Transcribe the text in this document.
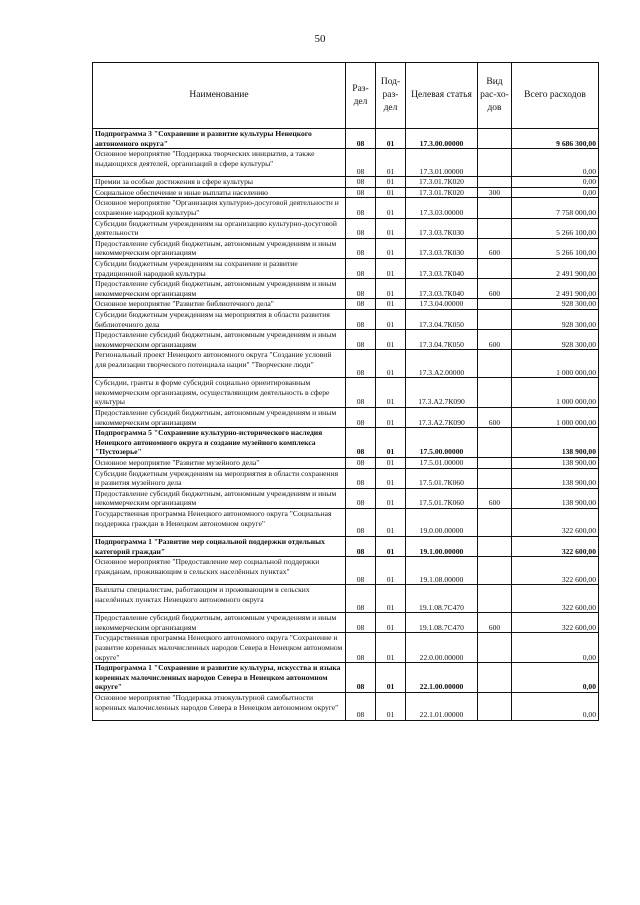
50
Наименование	Раз-дел	Под-раз-дел	Целевая статья	Вид рас-хо-дов	Всего расходов
Подпрограмма 3 "Сохранение и развитие культуры Ненецкого автономного округа"	08	01	17.3.00.00000		9 686 300,00
Основное мероприятие "Поддержка творческих инициатив, а также выдающихся деятелей, организаций в сфере культуры"	08	01	17.3.01.00000		0,00
Премии за особые достижения в сфере культуры	08	01	17.3.01.7К020		0,00
Социальное обеспечение и иные выплаты населению	08	01	17.3.01.7К020	300	0,00
Основное мероприятие "Организация культурно-досуговой деятельности и сохранение народной культуры"	08	01	17.3.03.00000		7 758 000,00
Субсидии бюджетным учреждениям на организацию культурно-досуговой деятельности	08	01	17.3.03.7К030		5 266 100,00
Предоставление субсидий бюджетным, автономным учреждениям и иным некоммерческим организациям	08	01	17.3.03.7К030	600	5 266 100,00
Субсидии бюджетным учреждениям на сохранение и развитие традиционной народной культуры	08	01	17.3.03.7К040		2 491 900,00
Предоставление субсидий бюджетным, автономным учреждениям и иным некоммерческим организациям	08	01	17.3.03.7К040	600	2 491 900,00
Основное мероприятие "Развитие библиотечного дела"	08	01	17.3.04.00000		928 300,00
Субсидии бюджетным учреждениям на мероприятия в области развития библиотечного дела	08	01	17.3.04.7К050		928 300,00
Предоставление субсидий бюджетным, автономным учреждениям и иным некоммерческим организациям	08	01	17.3.04.7К050	600	928 300,00
Региональный проект Ненецкого автономного округа "Создание условий для реализации творческого потенциала нации" "Творческие люди"	08	01	17.3.А2.00000		1 000 000,00
Субсидии, гранты в форме субсидий социально ориентированным некоммерческим организациям, осуществляющим деятельность в сфере культуры	08	01	17.3.А2.7К090		1 000 000,00
Предоставление субсидий бюджетным, автономным учреждениям и иным некоммерческим организациям	08	01	17.3.А2.7К090	600	1 000 000,00
Подпрограмма 5 "Сохранение культурно-исторического наследия Ненецкого автономного округа и создание музейного комплекса "Пустозерье"	08	01	17.5.00.00000		138 900,00
Основное мероприятие "Развитие музейного дела"	08	01	17.5.01.00000		138 900,00
Субсидии бюджетным учреждениям на мероприятия в области сохранения и развития музейного дела	08	01	17.5.01.7К060		138 900,00
Предоставление субсидий бюджетным, автономным учреждениям и иным некоммерческим организациям	08	01	17.5.01.7К060	600	138 900,00
Государственная программа Ненецкого автономного округа "Социальная поддержка граждан в Ненецком автономном округе"	08	01	19.0.00.00000		322 600,00
Подпрограмма 1 "Развитие мер социальной поддержки отдельных категорий граждан"	08	01	19.1.00.00000		322 600,00
Основное мероприятие "Предоставление мер социальной поддержки гражданам, проживающим в сельских населённых пунктах"	08	01	19.1.08.00000		322 600,00
Выплаты специалистам, работающим и проживающим в сельских населённых пунктах Ненецкого автономного округа	08	01	19.1.08.7С470		322 600,00
Предоставление субсидий бюджетным, автономным учреждениям и иным некоммерческим организациям	08	01	19.1.08.7С470	600	322 600,00
Государственная программа Ненецкого автономного округа "Сохранение и развитие коренных малочисленных народов Севера в Ненецком автономном округе"	08	01	22.0.00.00000		0,00
Подпрограмма 1 "Сохранение и развитие культуры, искусства и языка коренных малочисленных народов Севера в Ненецком автономном округе"	08	01	22.1.00.00000		0,00
Основное мероприятие "Поддержка этнокультурной самобытности коренных малочисленных народов Севера в Ненецком автономном округе"	08	01	22.1.01.00000		0,00
